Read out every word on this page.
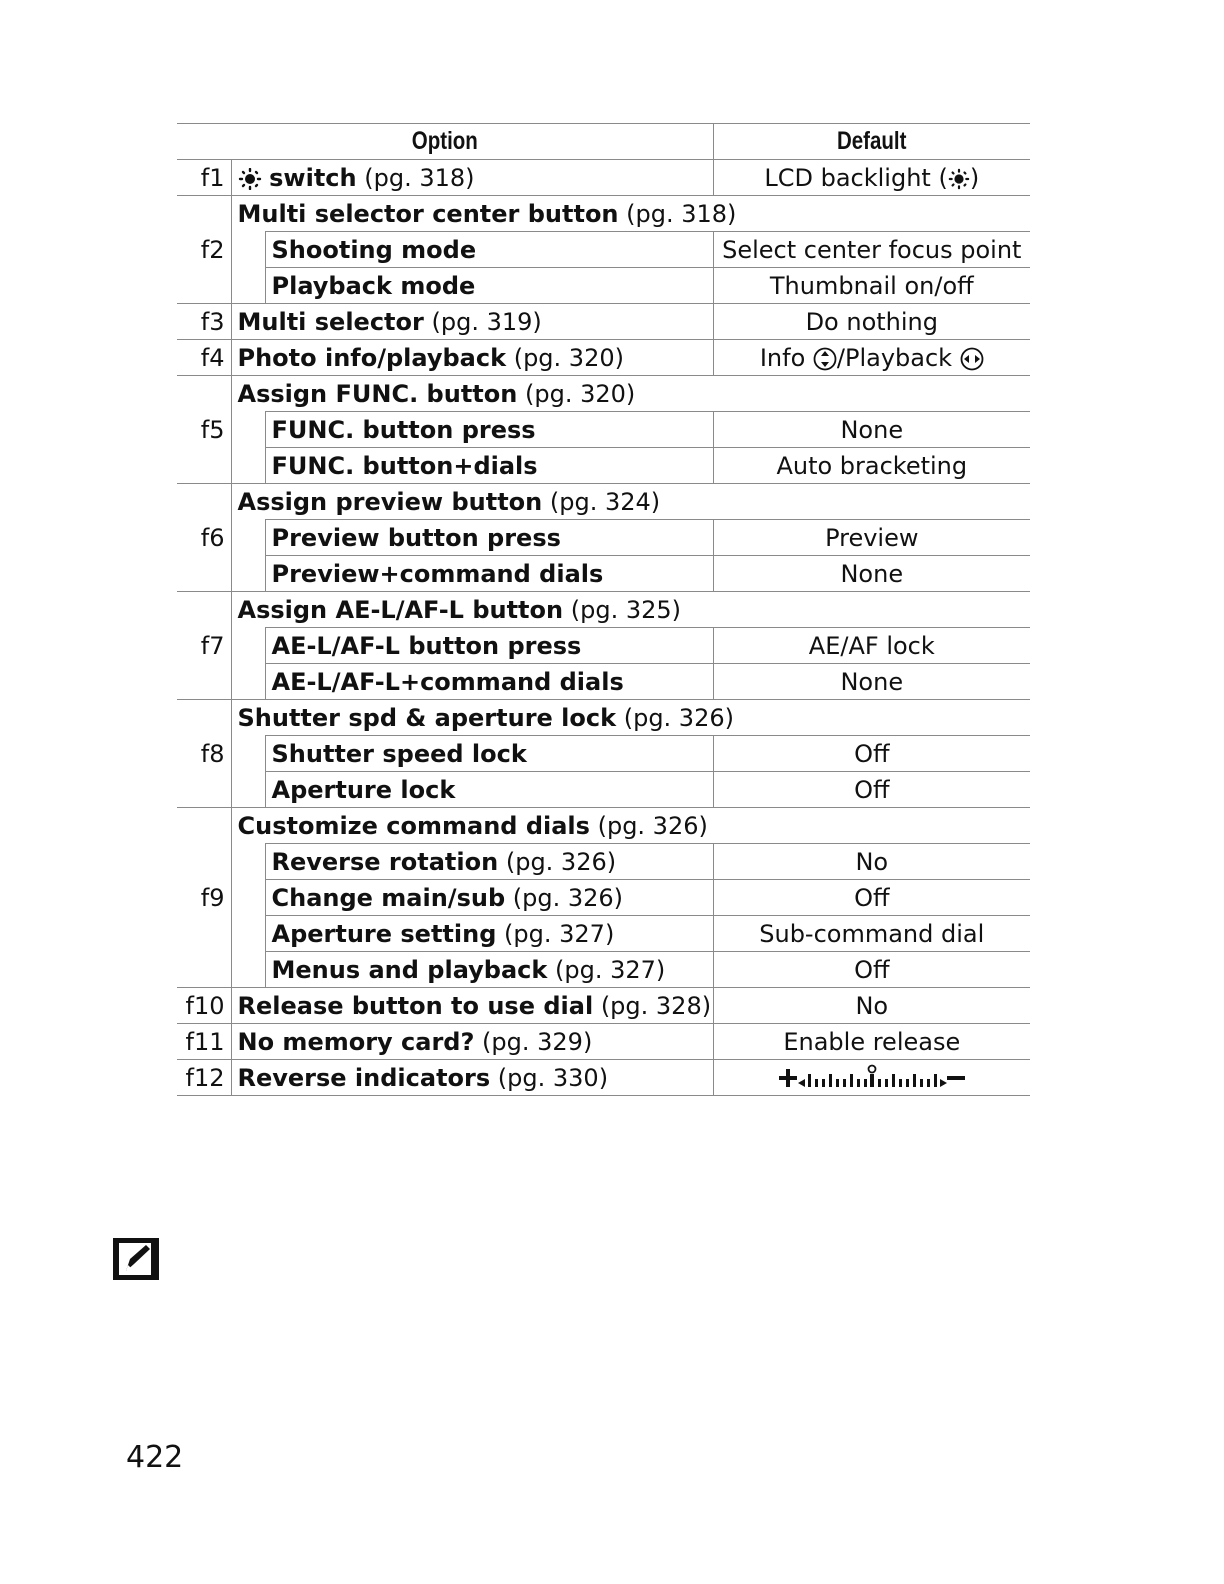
Option			Default
f1	switch (pg. 318)		LCD backlight ( )
f2	Multi selector center button (pg. 318)		
		Shooting mode	Select center focus point
		Playback mode	Thumbnail on/off
f3	Multi selector (pg. 319)		Do nothing
f4	Photo info/playback (pg. 320)		Info /Playback
f5	Assign FUNC. button (pg. 320)		
		FUNC. button press	None
		FUNC. button+dials	Auto bracketing
f6	Assign preview button (pg. 324)		
		Preview button press	Preview
		Preview+command dials	None
f7	Assign AE-L/AF-L button (pg. 325)		
		AE-L/AF-L button press	AE/AF lock
		AE-L/AF-L+command dials	None
f8	Shutter spd & aperture lock (pg. 326)		
		Shutter speed lock	Off
		Aperture lock	Off
f9	Customize command dials (pg. 326)		
		Reverse rotation (pg. 326)	No
		Change main/sub (pg. 326)	Off
		Aperture setting (pg. 327)	Sub-command dial
		Menus and playback (pg. 327)	Off
f10	Release button to use dial (pg. 328)		No
f11	No memory card? (pg. 329)		Enable release
f12	Reverse indicators (pg. 330)	
422
